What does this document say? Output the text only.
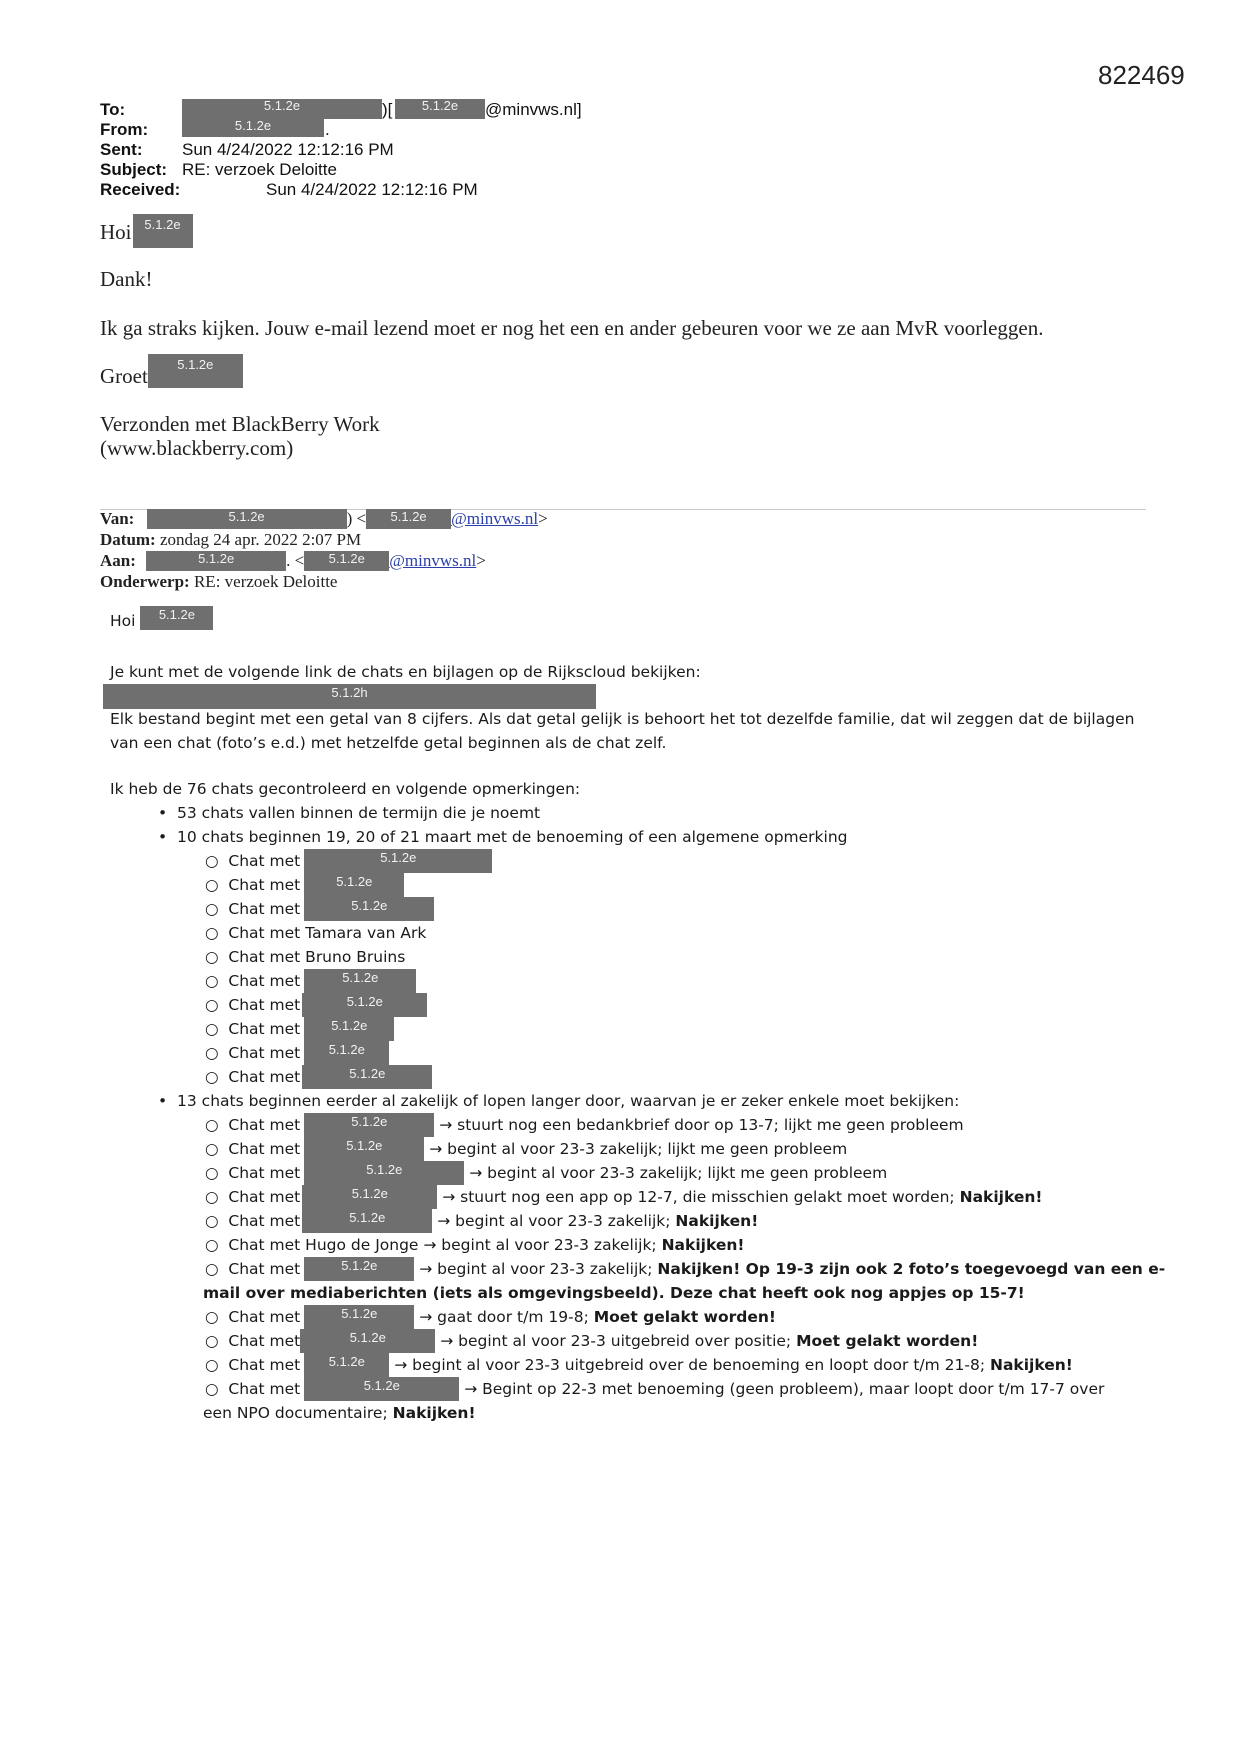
822469
To:	5.1.2e	)[	5.1.2e	@minvws.nl]
From:	5.1.2e	.
Sent: Sun 4/24/2022 12:12:16 PM
Subject: RE: verzoek Deloitte
Received:	Sun 4/24/2022 12:12:16 PM
Hoi 5.1.2e
Dank!
Ik ga straks kijken. Jouw e-mail lezend moet er nog het een en ander gebeuren voor we ze aan MvR voorleggen.
Groet 5.1.2e
Verzonden met BlackBerry Work
(www.blackberry.com)
Van:	5.1.2e	) < 5.1.2e @minvws.nl>
Datum: zondag 24 apr. 2022 2:07 PM
Aan:	5.1.2e	. < 5.1.2e @minvws.nl>
Onderwerp: RE: verzoek Deloitte
Hoi 5.1.2e
Je kunt met de volgende link de chats en bijlagen op de Rijkscloud bekijken:
5.1.2h
Elk bestand begint met een getal van 8 cijfers. Als dat getal gelijk is behoort het tot dezelfde familie, dat wil zeggen dat de bijlagen
van een chat (foto’s e.d.) met hetzelfde getal beginnen als de chat zelf.
Ik heb de 76 chats gecontroleerd en volgende opmerkingen:
• 53 chats vallen binnen de termijn die je noemt
• 10 chats beginnen 19, 20 of 21 maart met de benoeming of een algemene opmerking
○ Chat met	5.1.2e
○ Chat met	5.1.2e
○ Chat met	5.1.2e
○ Chat met Tamara van Ark
○ Chat met Bruno Bruins
○ Chat met	5.1.2e
○ Chat met	5.1.2e
○ Chat met 5.1.2e
○ Chat met 5.1.2e
○ Chat met	5.1.2e
• 13 chats beginnen eerder al zakelijk of lopen langer door, waarvan je er zeker enkele moet bekijken:
○ Chat met	5.1.2e	→ stuurt nog een bedankbrief door op 13-7; lijkt me geen probleem
○ Chat met	5.1.2e	→ begint al voor 23-3 zakelijk; lijkt me geen probleem
○ Chat met	5.1.2e	→ begint al voor 23-3 zakelijk; lijkt me geen probleem
○ Chat met	5.1.2e	→ stuurt nog een app op 12-7, die misschien gelakt moet worden; Nakijken!
○ Chat met	5.1.2e	→ begint al voor 23-3 zakelijk; Nakijken!
○ Chat met Hugo de Jonge → begint al voor 23-3 zakelijk; Nakijken!
○ Chat met	5.1.2e	→ begint al voor 23-3 zakelijk; Nakijken! Op 19-3 zijn ook 2 foto’s toegevoegd van een e-
mail over mediaberichten (iets als omgevingsbeeld). Deze chat heeft ook nog appjes op 15-7!
○ Chat met	5.1.2e	→ gaat door t/m 19-8; Moet gelakt worden!
○ Chat met	5.1.2e	→ begint al voor 23-3 uitgebreid over positie; Moet gelakt worden!
○ Chat met 5.1.2e → begint al voor 23-3 uitgebreid over de benoeming en loopt door t/m 21-8; Nakijken!
○ Chat met	5.1.2e	→ Begint op 22-3 met benoeming (geen probleem), maar loopt door t/m 17-7 over
een NPO documentaire; Nakijken!
